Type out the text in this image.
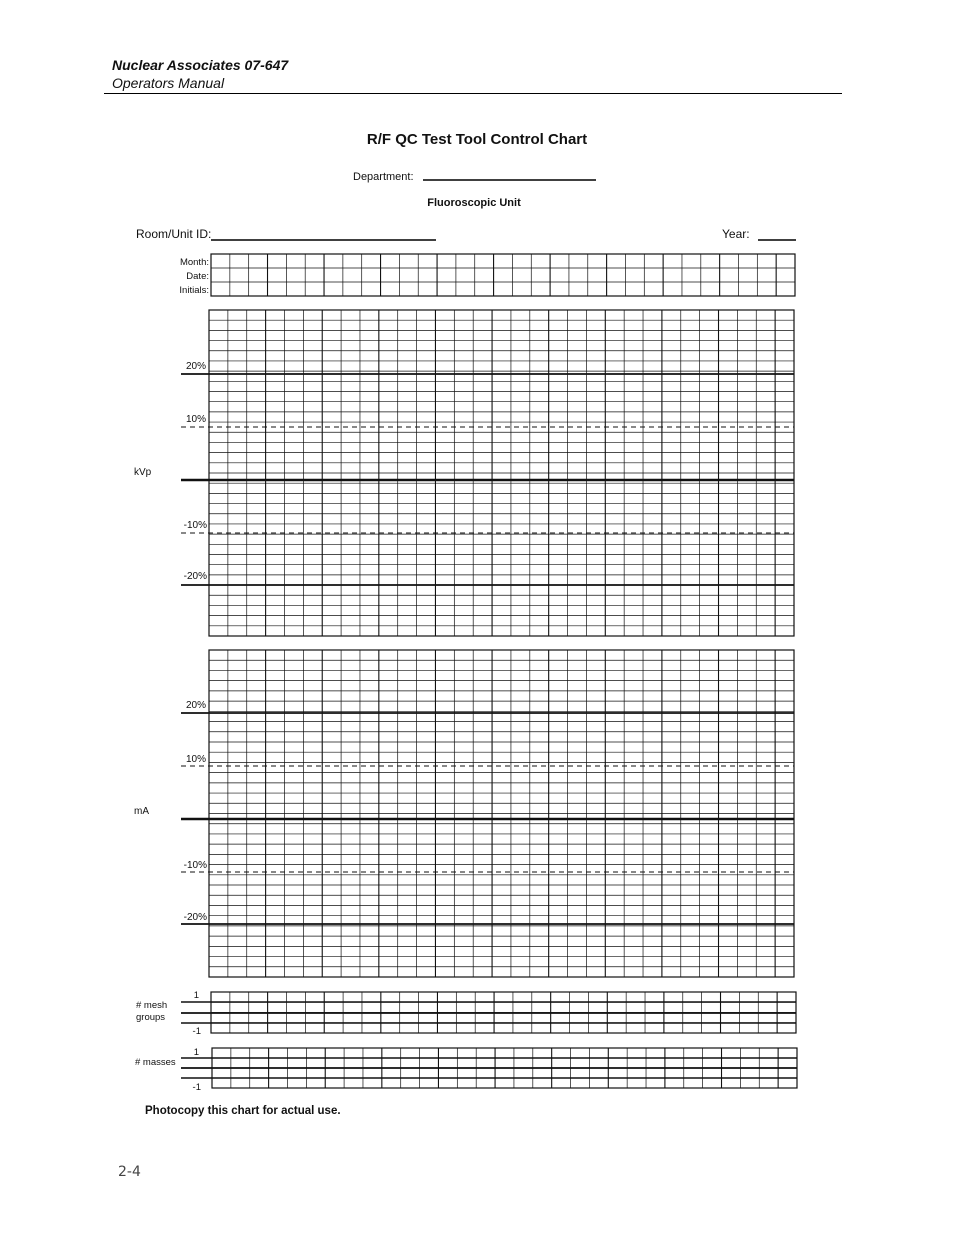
Nuclear Associates 07-647
Operators Manual
R/F QC Test Tool Control Chart
Department:
Fluoroscopic Unit
Room/Unit ID:	Year:
Month:
Date:
Initials:
kVp
20%
10%
-10%
-20%
mA
20%
10%
-10%
-20%
# mesh
groups
1
-1
# masses
1
-1
Photocopy this chart for actual use.
2-4
